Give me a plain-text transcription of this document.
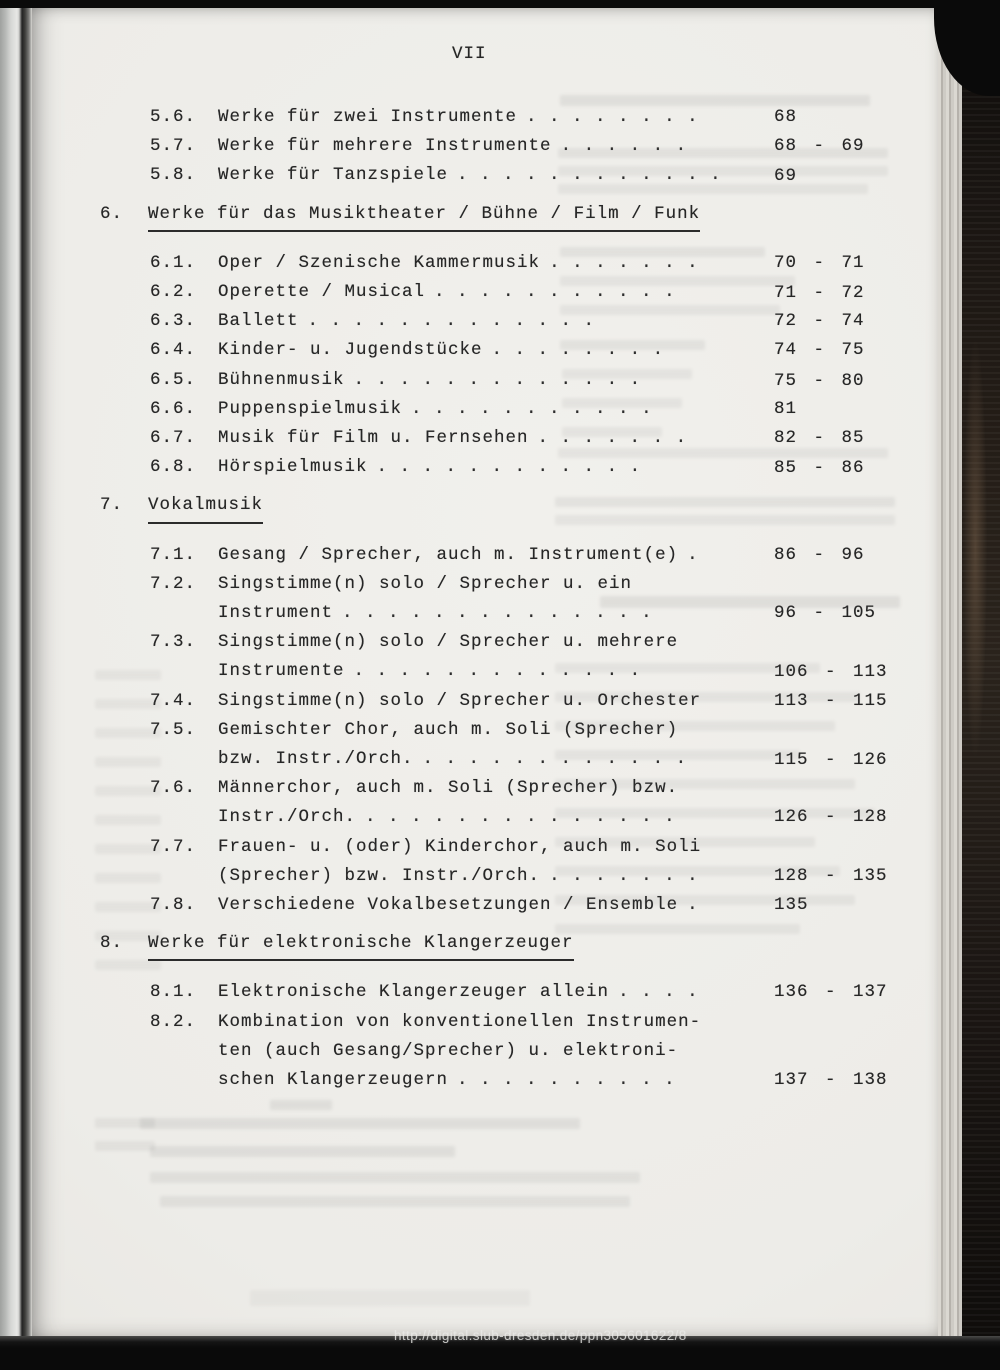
VII
5.6.	Werke für zwei Instrumente . . . . . . . .	68
5.7.	Werke für mehrere Instrumente . . . . . .	68 - 69
5.8.	Werke für Tanzspiele . . . . . . . . . . . .	69
6.	Werke für das Musiktheater / Bühne / Film / Funk
6.1.	Oper / Szenische Kammermusik . . . . . . .	70 - 71
6.2.	Operette / Musical . . . . . . . . . . .	71 - 72
6.3.	Ballett . . . . . . . . . . . . .	72 - 74
6.4.	Kinder- u. Jugendstücke . . . . . . . .	74 - 75
6.5.	Bühnenmusik . . . . . . . . . . . . .	75 - 80
6.6.	Puppenspielmusik . . . . . . . . . . .	81
6.7.	Musik für Film u. Fernsehen . . . . . . .	82 - 85
6.8.	Hörspielmusik . . . . . . . . . . . .	85 - 86
7.	Vokalmusik
7.1.	Gesang / Sprecher, auch m. Instrument(e) .	86 - 96
7.2.	Singstimme(n) solo / Sprecher u. ein
Instrument . . . . . . . . . . . . . .	96 - 105
7.3.	Singstimme(n) solo / Sprecher u. mehrere
Instrumente . . . . . . . . . . . . .	106 - 113
7.4.	Singstimme(n) solo / Sprecher u. Orchester	113 - 115
7.5.	Gemischter Chor, auch m. Soli (Sprecher)
bzw. Instr./Orch. . . . . . . . . . . . .	115 - 126
7.6.	Männerchor, auch m. Soli (Sprecher) bzw.
Instr./Orch. . . . . . . . . . . . . . .	126 - 128
7.7.	Frauen- u. (oder) Kinderchor, auch m. Soli
(Sprecher) bzw. Instr./Orch. . . . . . . .	128 - 135
7.8.	Verschiedene Vokalbesetzungen / Ensemble .	135
8.	Werke für elektronische Klangerzeuger
8.1.	Elektronische Klangerzeuger allein . . . .	136 - 137
8.2.	Kombination von konventionellen Instrumen-
ten (auch Gesang/Sprecher) u. elektroni-
schen Klangerzeugern . . . . . . . . . .	137 - 138
http://digital.slub-dresden.de/ppn305601622/8
